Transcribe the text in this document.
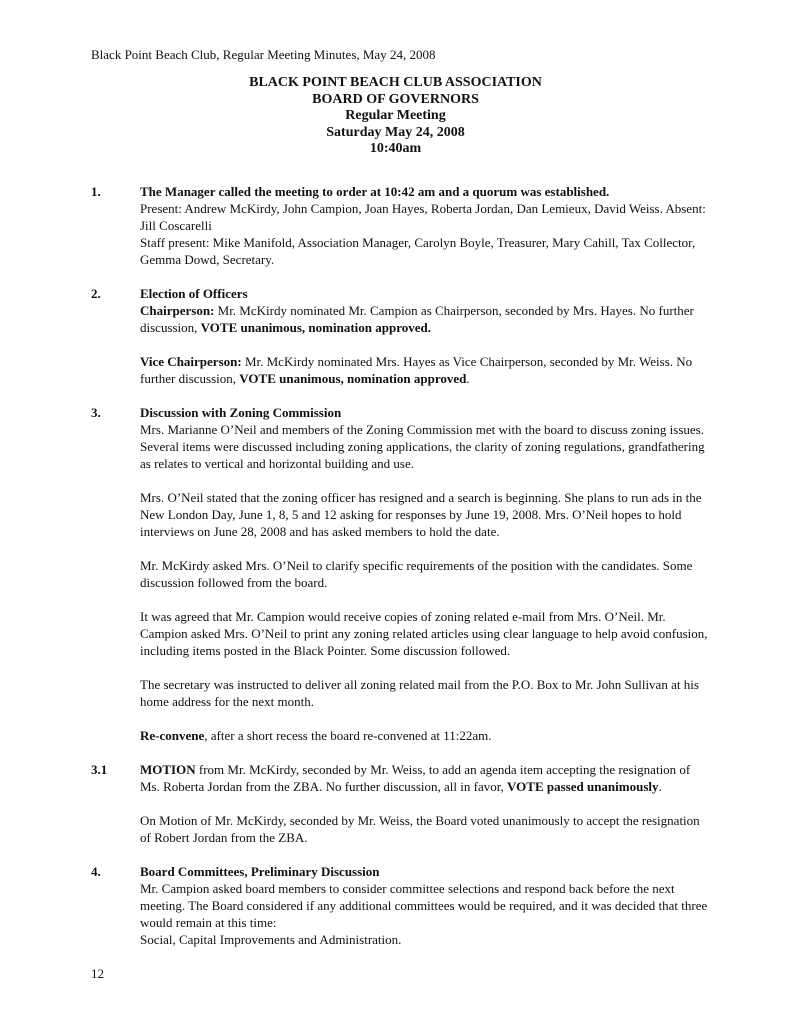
Black Point Beach Club, Regular Meeting Minutes, May 24, 2008
BLACK POINT BEACH CLUB ASSOCIATION
BOARD OF GOVERNORS
Regular Meeting
Saturday May 24, 2008
10:40am
1.	The Manager called the meeting to order at 10:42 am and a quorum was established.

Present: Andrew McKirdy, John Campion, Joan Hayes, Roberta Jordan, Dan Lemieux, David Weiss. Absent: Jill Coscarelli

Staff present: Mike Manifold, Association Manager, Carolyn Boyle, Treasurer, Mary Cahill, Tax Collector, Gemma Dowd, Secretary.

2.	Election of Officers

Chairperson: Mr. McKirdy nominated Mr. Campion as Chairperson, seconded by Mrs. Hayes. No further discussion, VOTE unanimous, nomination approved.

Vice Chairperson: Mr. McKirdy nominated Mrs. Hayes as Vice Chairperson, seconded by Mr. Weiss. No further discussion, VOTE unanimous, nomination approved.

3.	Discussion with Zoning Commission

Mrs. Marianne O’Neil and members of the Zoning Commission met with the board to discuss zoning issues. Several items were discussed including zoning applications, the clarity of zoning regulations, grandfathering as relates to vertical and horizontal building and use.

Mrs. O’Neil stated that the zoning officer has resigned and a search is beginning. She plans to run ads in the New London Day, June 1, 8, 5 and 12 asking for responses by June 19, 2008. Mrs. O’Neil hopes to hold interviews on June 28, 2008 and has asked members to hold the date.

Mr. McKirdy asked Mrs. O’Neil to clarify specific requirements of the position with the candidates. Some discussion followed from the board.

It was agreed that Mr. Campion would receive copies of zoning related e-mail from Mrs. O’Neil. Mr. Campion asked Mrs. O’Neil to print any zoning related articles using clear language to help avoid confusion, including items posted in the Black Pointer. Some discussion followed.

The secretary was instructed to deliver all zoning related mail from the P.O. Box to Mr. John Sullivan at his home address for the next month.

Re-convene, after a short recess the board re-convened at 11:22am.

3.1	MOTION from Mr. McKirdy, seconded by Mr. Weiss, to add an agenda item accepting the resignation of Ms. Roberta Jordan from the ZBA. No further discussion, all in favor, VOTE passed unanimously.

On Motion of Mr. McKirdy, seconded by Mr. Weiss, the Board voted unanimously to accept the resignation of Robert Jordan from the ZBA.

4.	Board Committees, Preliminary Discussion

Mr. Campion asked board members to consider committee selections and respond back before the next meeting. The Board considered if any additional committees would be required, and it was decided that three would remain at this time:

Social, Capital Improvements and Administration.

12
